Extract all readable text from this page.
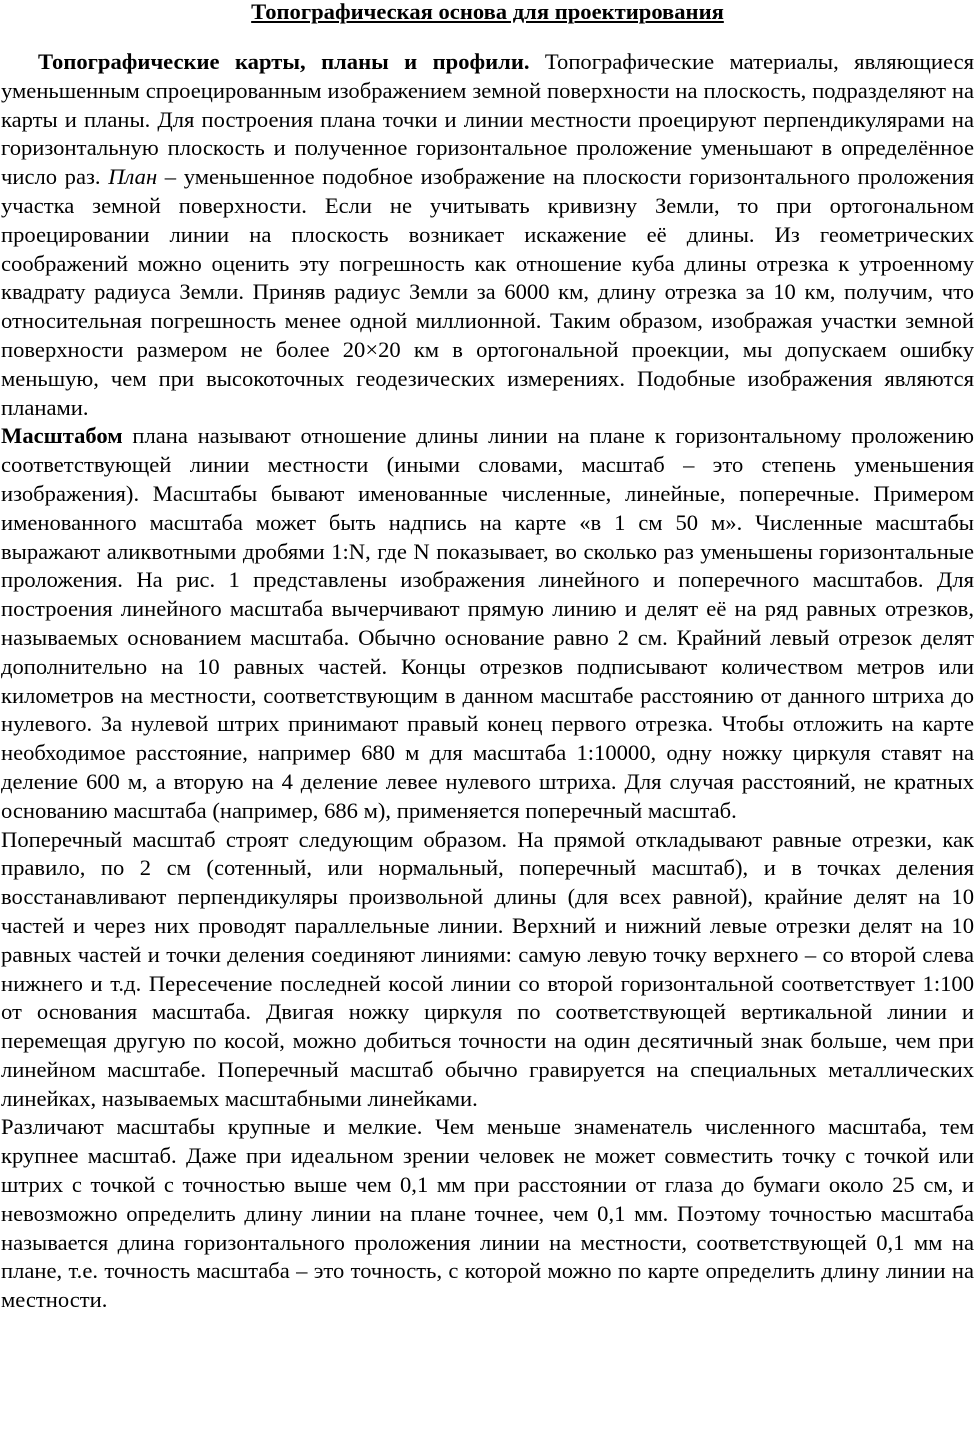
Топографическая основа для проектирования

Топографические карты, планы и профили. Топографические материалы, являющиеся уменьшенным спроецированным изображением земной поверхности на плоскость, подразделяют на карты и планы. Для построения плана точки и линии местности проецируют перпендикулярами на горизонтальную плоскость и полученное горизонтальное проложение уменьшают в определённое число раз. План – уменьшенное подобное изображение на плоскости горизонтального проложения участка земной поверхности. Если не учитывать кривизну Земли, то при ортогональном проецировании линии на плоскость возникает искажение её длины. Из геометрических соображений можно оценить эту погрешность как отношение куба длины отрезка к утроенному квадрату радиуса Земли. Приняв радиус Земли за 6000 км, длину отрезка за 10 км, получим, что относительная погрешность менее одной миллионной. Таким образом, изображая участки земной поверхности размером не более 20×20 км в ортогональной проекции, мы допускаем ошибку меньшую, чем при высокоточных геодезических измерениях. Подобные изображения являются планами.

Масштабом плана называют отношение длины линии на плане к горизонтальному проложению соответствующей линии местности (иными словами, масштаб – это степень уменьшения изображения). Масштабы бывают именованные численные, линейные, поперечные. Примером именованного масштаба может быть надпись на карте «в 1 см 50 м». Численные масштабы выражают аликвотными дробями 1:N, где N показывает, во сколько раз уменьшены горизонтальные проложения. На рис. 1 представлены изображения линейного и поперечного масштабов. Для построения линейного масштаба вычерчивают прямую линию и делят её на ряд равных отрезков, называемых основанием масштаба. Обычно основание равно 2 см. Крайний левый отрезок делят дополнительно на 10 равных частей. Концы отрезков подписывают количеством метров или километров на местности, соответствующим в данном масштабе расстоянию от данного штриха до нулевого. За нулевой штрих принимают правый конец первого отрезка. Чтобы отложить на карте необходимое расстояние, например 680 м для масштаба 1:10000, одну ножку циркуля ставят на деление 600 м, а вторую на 4 деление левее нулевого штриха. Для случая расстояний, не кратных основанию масштаба (например, 686 м), применяется поперечный масштаб.

Поперечный масштаб строят следующим образом. На прямой откладывают равные отрезки, как правило, по 2 см (сотенный, или нормальный, поперечный масштаб), и в точках деления восстанавливают перпендикуляры произвольной длины (для всех равной), крайние делят на 10 частей и через них проводят параллельные линии. Верхний и нижний левые отрезки делят на 10 равных частей и точки деления соединяют линиями: самую левую точку верхнего – со второй слева нижнего и т.д. Пересечение последней косой линии со второй горизонтальной соответствует 1:100 от основания масштаба. Двигая ножку циркуля по соответствующей вертикальной линии и перемещая другую по косой, можно добиться точности на один десятичный знак больше, чем при линейном масштабе. Поперечный масштаб обычно гравируется на специальных металлических линейках, называемых масштабными линейками.

Различают масштабы крупные и мелкие. Чем меньше знаменатель численного масштаба, тем крупнее масштаб. Даже при идеальном зрении человек не может совместить точку с точкой или штрих с точкой с точностью выше чем 0,1 мм при расстоянии от глаза до бумаги около 25 см, и невозможно определить длину линии на плане точнее, чем 0,1 мм. Поэтому точностью масштаба называется длина горизонтального проложения линии на местности, соответствующей 0,1 мм на плане, т.е. точность масштаба – это точность, с которой можно по карте определить длину линии на местности.
